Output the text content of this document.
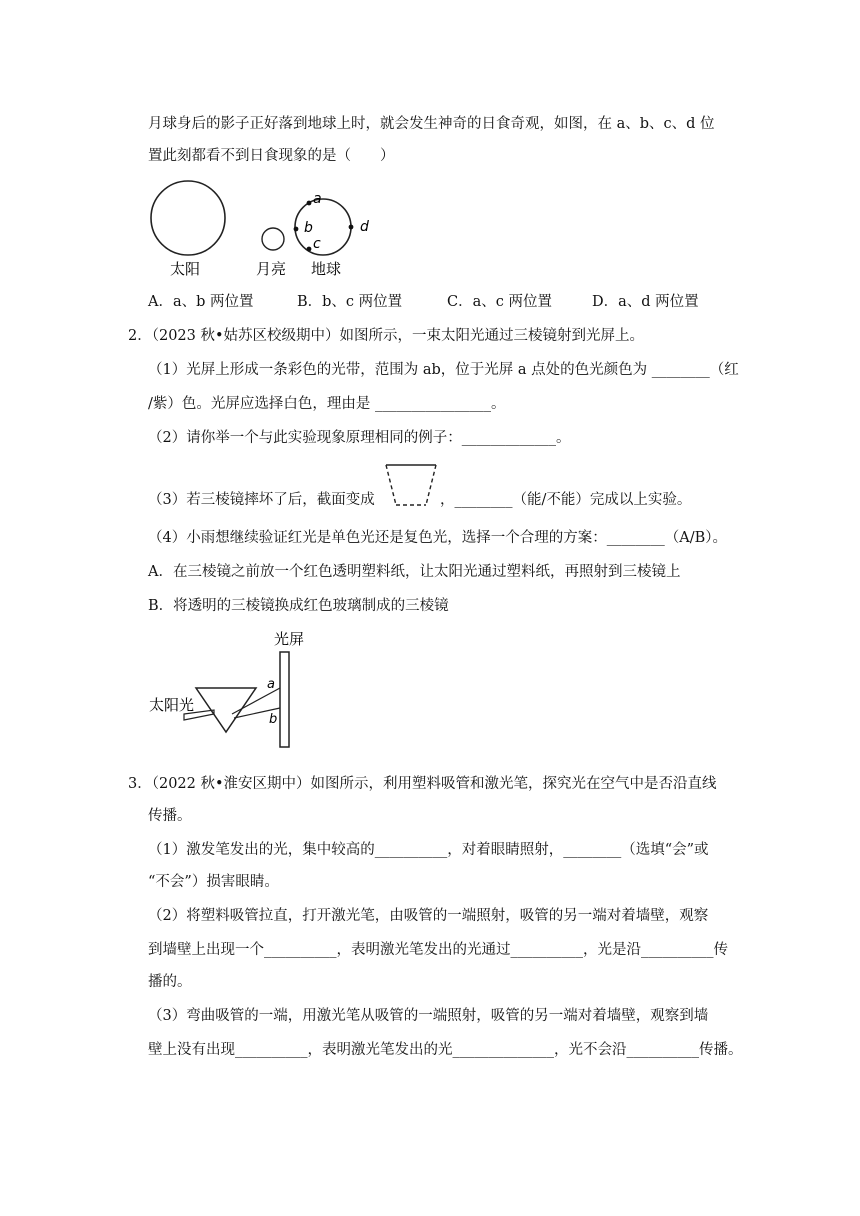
月球身后的影子正好落到地球上时，就会发生神奇的日食奇观，如图，在 a、b、c、d 位
置此刻都看不到日食现象的是（　　）
a
b
c
d
太阳	月亮 地球
A．a、b 两位置	B．b、c 两位置	C．a、c 两位置	D．a、d 两位置
2．（2023 秋•姑苏区校级期中）如图所示，一束太阳光通过三棱镜射到光屏上。
（1）光屏上形成一条彩色的光带，范围为 ab，位于光屏 a 点处的色光颜色为 ________（红
/紫）色。光屏应选择白色，理由是 ________________。
（2）请你举一个与此实验现象原理相同的例子：_____________。
（3）若三棱镜摔坏了后，截面变成	，________（能/不能）完成以上实验。
（4）小雨想继续验证红光是单色光还是复色光，选择一个合理的方案：________（A/B）。
A．在三棱镜之前放一个红色透明塑料纸，让太阳光通过塑料纸，再照射到三棱镜上
B．将透明的三棱镜换成红色玻璃制成的三棱镜
光屏
太阳光
a
b
3．（2022 秋•淮安区期中）如图所示，利用塑料吸管和激光笔，探究光在空气中是否沿直线
传播。
（1）激发笔发出的光，集中较高的__________，对着眼睛照射，________（选填“会”或
“不会”）损害眼睛。
（2）将塑料吸管拉直，打开激光笔，由吸管的一端照射，吸管的另一端对着墙壁，观察
到墙壁上出现一个__________，表明激光笔发出的光通过__________，光是沿__________传
播的。
（3）弯曲吸管的一端，用激光笔从吸管的一端照射，吸管的另一端对着墙壁，观察到墙
壁上没有出现__________，表明激光笔发出的光______________，光不会沿__________传播。
